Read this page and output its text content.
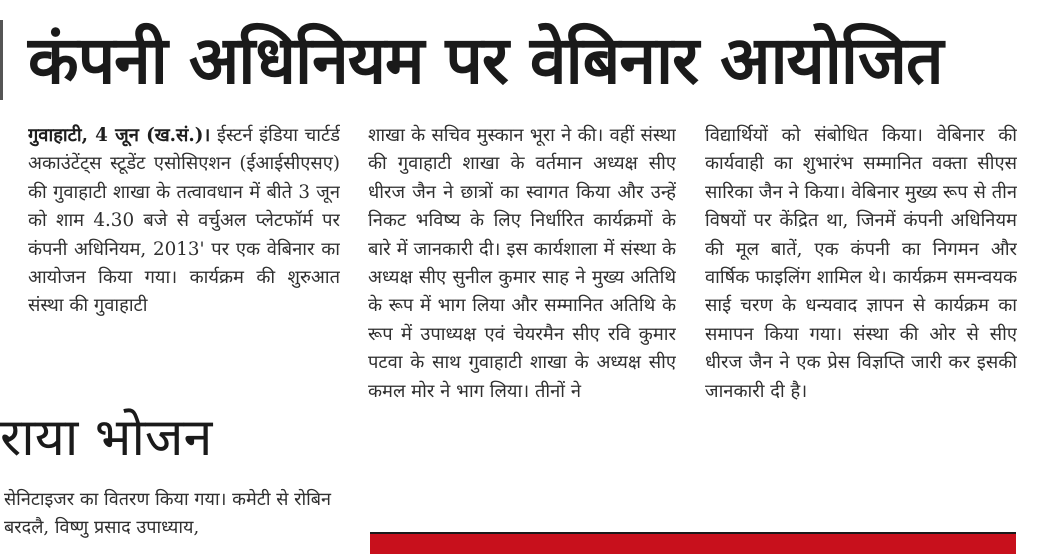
कंपनी अधिनियम पर वेबिनार आयोजित

गुवाहाटी, 4 जून (ख.सं.)। ईस्टर्न इंडिया चार्टर्ड अकाउंटेंट्स स्टूडेंट एसोसिएशन (ईआईसीएसए) की गुवाहाटी शाखा के तत्वावधान में बीते 3 जून को शाम 4.30 बजे से वर्चुअल प्लेटफॉर्म पर कंपनी अधिनियम, 2013' पर एक वेबिनार का आयोजन किया गया। कार्यक्रम की शुरुआत संस्था की गुवाहाटी

शाखा के सचिव मुस्कान भूरा ने की। वहीं संस्था की गुवाहाटी शाखा के वर्तमान अध्यक्ष सीए धीरज जैन ने छात्रों का स्वागत किया और उन्हें निकट भविष्य के लिए निर्धारित कार्यक्रमों के बारे में जानकारी दी। इस कार्यशाला में संस्था के अध्यक्ष सीए सुनील कुमार साह ने मुख्य अतिथि के रूप में भाग लिया और सम्मानित अतिथि के रूप में उपाध्यक्ष एवं चेयरमैन सीए रवि कुमार पटवा के साथ गुवाहाटी शाखा के अध्यक्ष सीए कमल मोर ने भाग लिया। तीनों ने

विद्यार्थियों को संबोधित किया। वेबिनार की कार्यवाही का शुभारंभ सम्मानित वक्ता सीएस सारिका जैन ने किया। वेबिनार मुख्य रूप से तीन विषयों पर केंद्रित था, जिनमें कंपनी अधिनियम की मूल बातें, एक कंपनी का निगमन और वार्षिक फाइलिंग शामिल थे। कार्यक्रम समन्वयक साई चरण के धन्यवाद ज्ञापन से कार्यक्रम का समापन किया गया। संस्था की ओर से सीए धीरज जैन ने एक प्रेस विज्ञप्ति जारी कर इसकी जानकारी दी है।

राया भोजन

सेनिटाइजर का वितरण किया गया। कमेटी से रोबिन बरदलै, विष्णु प्रसाद उपाध्याय,
